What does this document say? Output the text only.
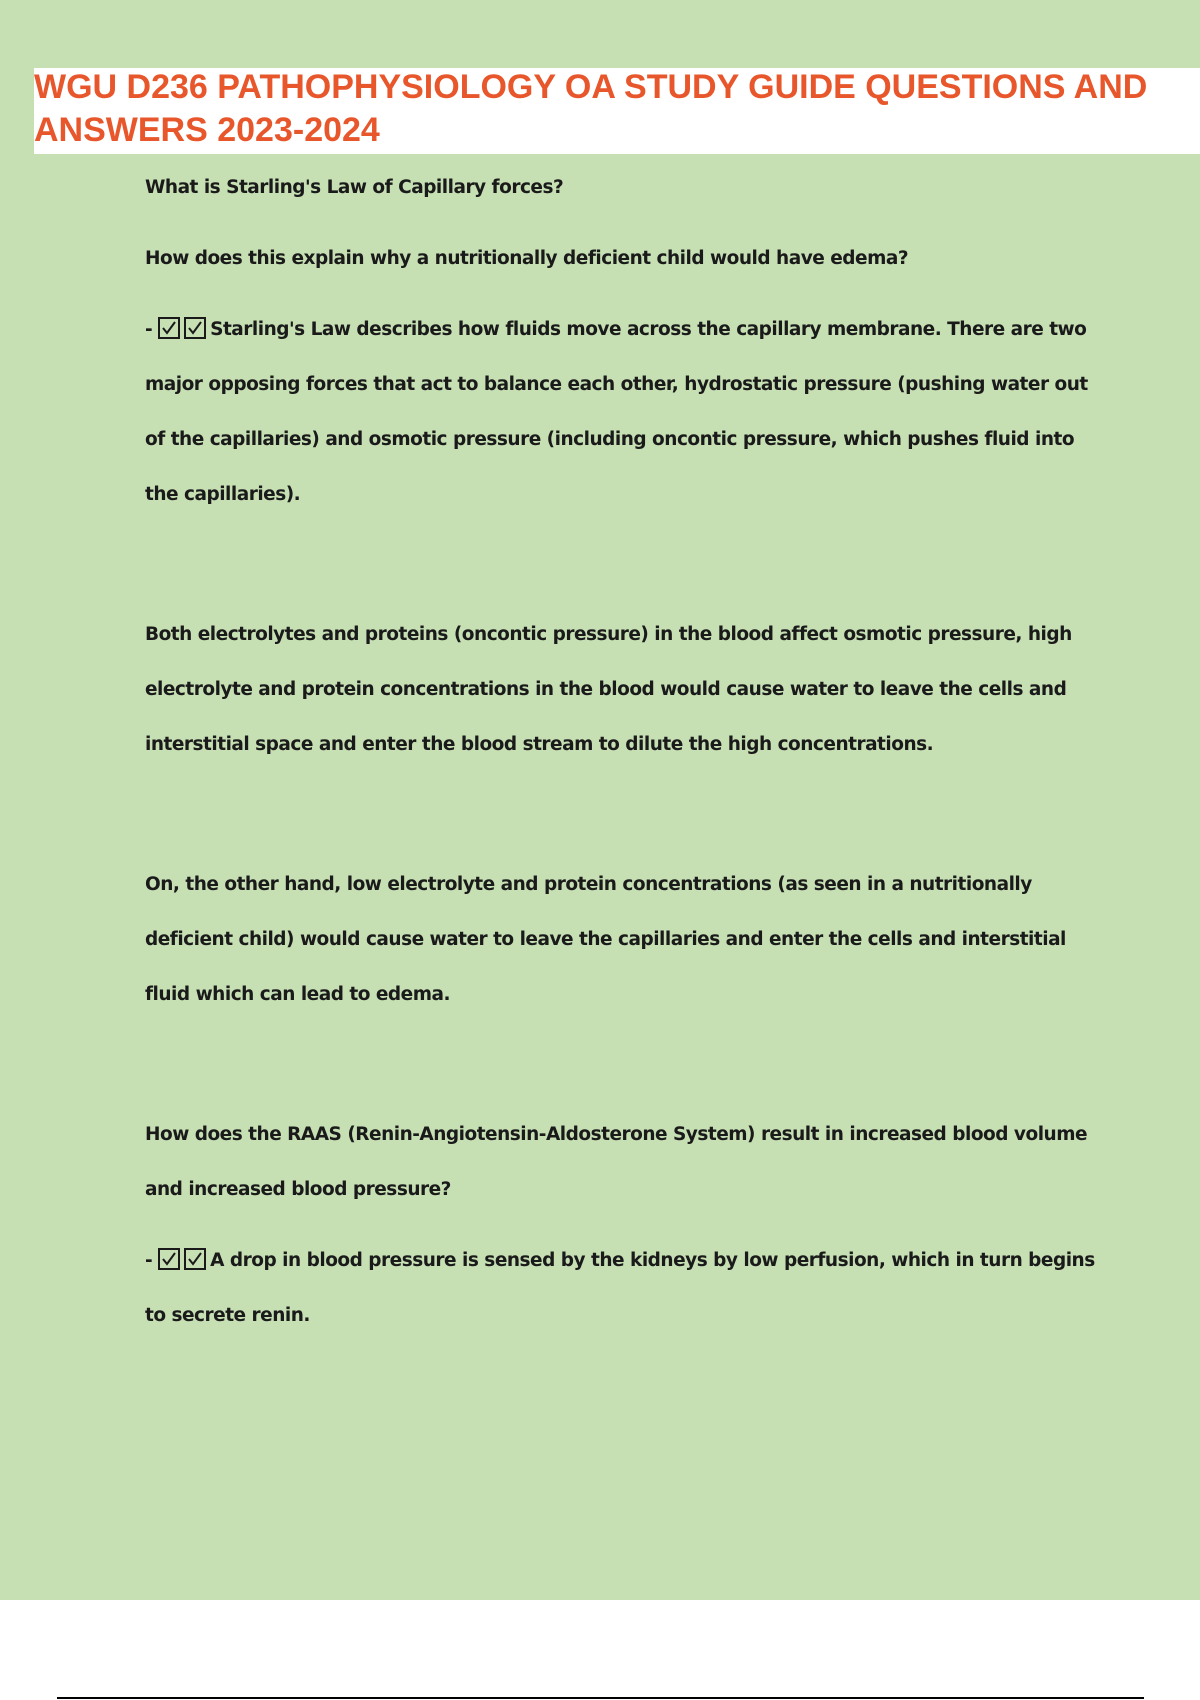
WGU D236 PATHOPHYSIOLOGY OA STUDY GUIDE QUESTIONS AND ANSWERS 2023-2024

What is Starling's Law of Capillary forces?

How does this explain why a nutritionally deficient child would have edema?

-	Starling's Law describes how fluids move across the capillary membrane. There are two major opposing forces that act to balance each other, hydrostatic pressure (pushing water out of the capillaries) and osmotic pressure (including oncontic pressure, which pushes fluid into the capillaries).

Both electrolytes and proteins (oncontic pressure) in the blood affect osmotic pressure, high electrolyte and protein concentrations in the blood would cause water to leave the cells and interstitial space and enter the blood stream to dilute the high concentrations.

On, the other hand, low electrolyte and protein concentrations (as seen in a nutritionally deficient child) would cause water to leave the capillaries and enter the cells and interstitial fluid which can lead to edema.

How does the RAAS (Renin-Angiotensin-Aldosterone System) result in increased blood volume and increased blood pressure?

-	A drop in blood pressure is sensed by the kidneys by low perfusion, which in turn begins to secrete renin.
